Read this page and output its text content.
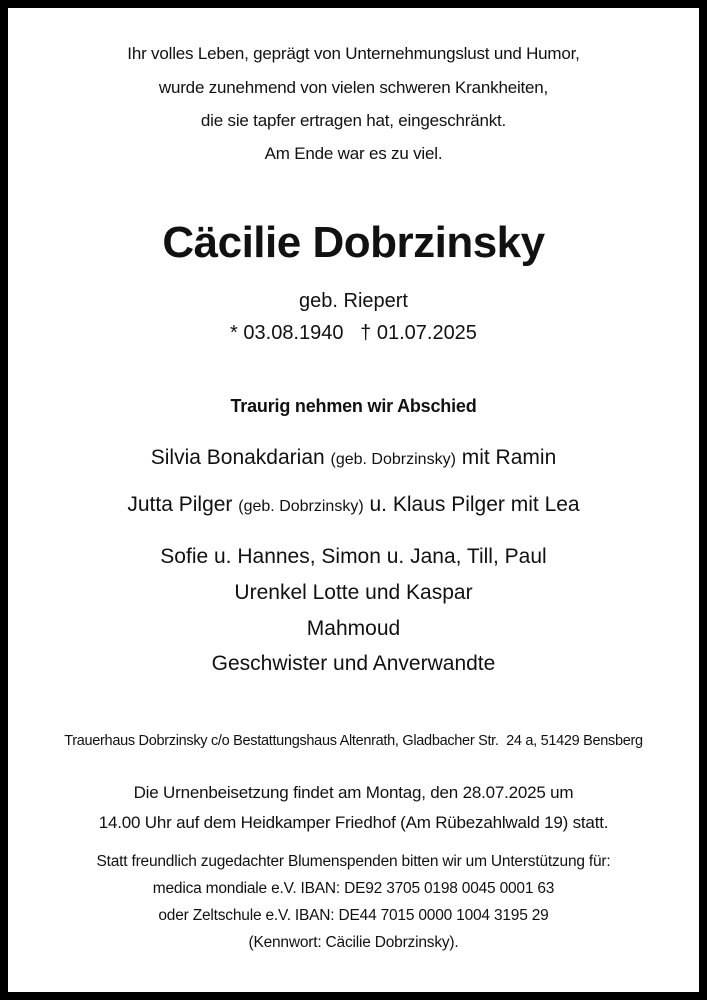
Ihr volles Leben, geprägt von Unternehmungslust und Humor,
wurde zunehmend von vielen schweren Krankheiten,
die sie tapfer ertragen hat, eingeschränkt.
Am Ende war es zu viel.
Cäcilie Dobrzinsky
geb. Riepert
* 03.08.1940   † 01.07.2025
Traurig nehmen wir Abschied
Silvia Bonakdarian (geb. Dobrzinsky) mit Ramin
Jutta Pilger (geb. Dobrzinsky) u. Klaus Pilger mit Lea
Sofie u. Hannes, Simon u. Jana, Till, Paul
Urenkel Lotte und Kaspar
Mahmoud
Geschwister und Anverwandte
Trauerhaus Dobrzinsky c/o Bestattungshaus Altenrath, Gladbacher Str.  24 a, 51429 Bensberg
Die Urnenbeisetzung findet am Montag, den 28.07.2025 um
14.00 Uhr auf dem Heidkamper Friedhof (Am Rübezahlwald 19) statt.
Statt freundlich zugedachter Blumenspenden bitten wir um Unterstützung für:
medica mondiale e.V. IBAN: DE92 3705 0198 0045 0001 63
oder Zeltschule e.V. IBAN: DE44 7015 0000 1004 3195 29
(Kennwort: Cäcilie Dobrzinsky).
